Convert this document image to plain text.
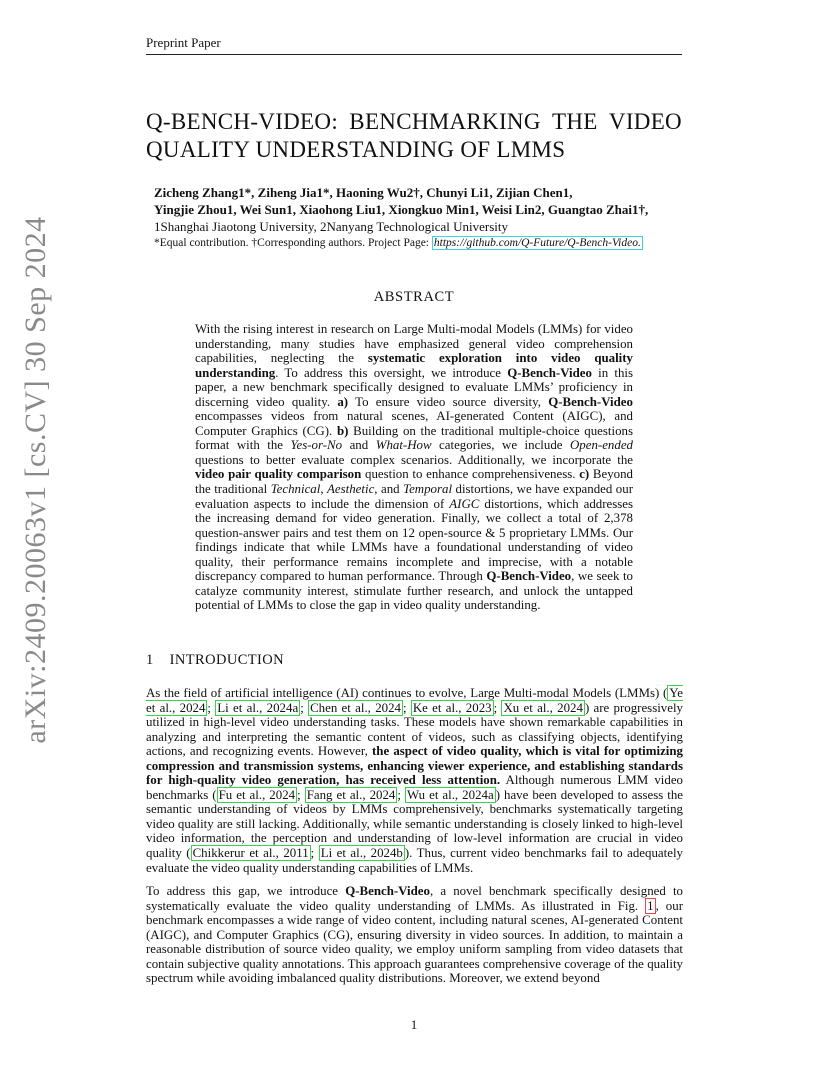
Preprint Paper
arXiv:2409.20063v1 [cs.CV] 30 Sep 2024
Q-BENCH-VIDEO: BENCHMARKING THE VIDEO
QUALITY UNDERSTANDING OF LMMS
Zicheng Zhang1*, Ziheng Jia1*, Haoning Wu2†, Chunyi Li1, Zijian Chen1,
Yingjie Zhou1, Wei Sun1, Xiaohong Liu1, Xiongkuo Min1, Weisi Lin2, Guangtao Zhai1†,
1Shanghai Jiaotong University, 2Nanyang Technological University
*Equal contribution. †Corresponding authors. Project Page: https://github.com/Q-Future/Q-Bench-Video.
ABSTRACT
With the rising interest in research on Large Multi-modal Models (LMMs) for video understanding, many studies have emphasized general video comprehension capabilities, neglecting the systematic exploration into video quality understanding. To address this oversight, we introduce Q-Bench-Video in this paper, a new benchmark specifically designed to evaluate LMMs’ proficiency in discerning video quality. a) To ensure video source diversity, Q-Bench-Video encompasses videos from natural scenes, AI-generated Content (AIGC), and Computer Graphics (CG). b) Building on the traditional multiple-choice questions format with the Yes-or-No and What-How categories, we include Open-ended questions to better evaluate complex scenarios. Additionally, we incorporate the video pair quality comparison question to enhance comprehensiveness. c) Beyond the traditional Technical, Aesthetic, and Temporal distortions, we have expanded our evaluation aspects to include the dimension of AIGC distortions, which addresses the increasing demand for video generation. Finally, we collect a total of 2,378 question-answer pairs and test them on 12 open-source & 5 proprietary LMMs. Our findings indicate that while LMMs have a foundational understanding of video quality, their performance remains incomplete and imprecise, with a notable discrepancy compared to human performance. Through Q-Bench-Video, we seek to catalyze community interest, stimulate further research, and unlock the untapped potential of LMMs to close the gap in video quality understanding.
1 INTRODUCTION

As the field of artificial intelligence (AI) continues to evolve, Large Multi-modal Models (LMMs) ( Ye et al., 2024 ; Li et al., 2024a ; Chen et al., 2024 ; Ke et al., 2023 ; Xu et al., 2024 ) are progressively utilized in high-level video understanding tasks. These models have shown remarkable capabilities in analyzing and interpreting the semantic content of videos, such as classifying objects, identifying actions, and recognizing events. However, the aspect of video quality, which is vital for optimizing compression and transmission systems, enhancing viewer experience, and establishing standards for high-quality video generation, has received less attention. Although numerous LMM video benchmarks ( Fu et al., 2024 ; Fang et al., 2024 ; Wu et al., 2024a ) have been developed to assess the semantic understanding of videos by LMMs comprehensively, benchmarks systematically targeting video quality are still lacking. Additionally, while semantic understanding is closely linked to high-level video information, the perception and understanding of low-level information are crucial in video quality ( Chikkerur et al., 2011 ; Li et al., 2024b ). Thus, current video benchmarks fail to adequately evaluate the video quality understanding capabilities of LMMs.

To address this gap, we introduce Q-Bench-Video, a novel benchmark specifically designed to systematically evaluate the video quality understanding of LMMs. As illustrated in Fig. 1 , our benchmark encompasses a wide range of video content, including natural scenes, AI-generated Content (AIGC), and Computer Graphics (CG), ensuring diversity in video sources. In addition, to maintain a reasonable distribution of source video quality, we employ uniform sampling from video datasets that contain subjective quality annotations. This approach guarantees comprehensive coverage of the quality spectrum while avoiding imbalanced quality distributions. Moreover, we extend beyond

1
